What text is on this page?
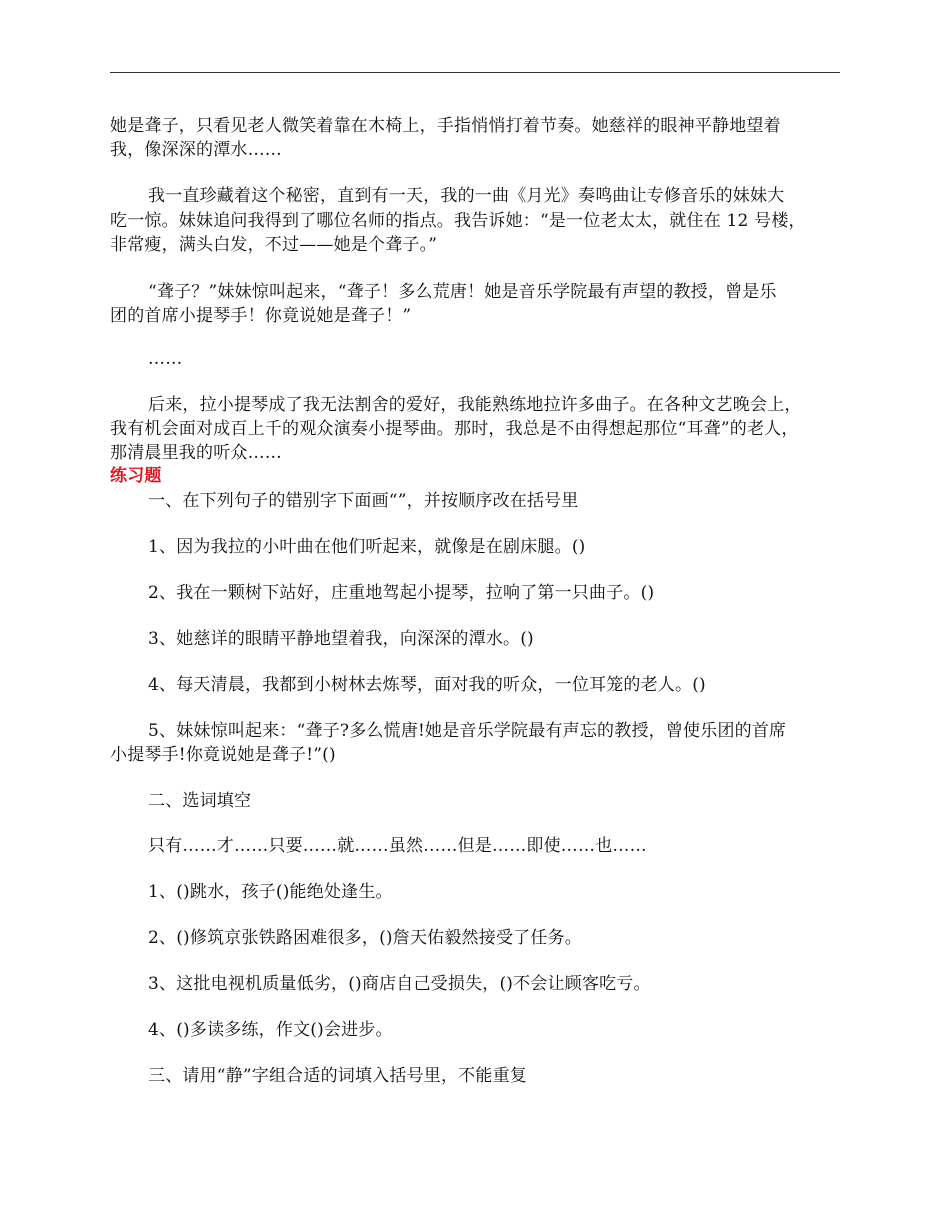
她是聋子，只看见老人微笑着靠在木椅上，手指悄悄打着节奏。她慈祥的眼神平静地望着
我，像深深的潭水……
我一直珍藏着这个秘密，直到有一天，我的一曲《月光》奏鸣曲让专修音乐的妹妹大
吃一惊。妹妹追问我得到了哪位名师的指点。我告诉她：“是一位老太太，就住在 12 号楼，
非常瘦，满头白发，不过——她是个聋子。”
“聋子？”妹妹惊叫起来，“聋子！多么荒唐！她是音乐学院最有声望的教授，曾是乐
团的首席小提琴手！你竟说她是聋子！”
……
后来，拉小提琴成了我无法割舍的爱好，我能熟练地拉许多曲子。在各种文艺晚会上，
我有机会面对成百上千的观众演奏小提琴曲。那时，我总是不由得想起那位“耳聋”的老人，
那清晨里我的听众……
练习题
一、在下列句子的错别字下面画“”，并按顺序改在括号里
1、因为我拉的小叶曲在他们听起来，就像是在剧床腿。()
2、我在一颗树下站好，庄重地驾起小提琴，拉响了第一只曲子。()
3、她慈详的眼睛平静地望着我，向深深的潭水。()
4、每天清晨，我都到小树林去炼琴，面对我的听众，一位耳笼的老人。()
5、妹妹惊叫起来：“聋子?多么慌唐!她是音乐学院最有声忘的教授，曾使乐团的首席
小提琴手!你竟说她是聋子!”()
二、选词填空
只有……才……只要……就……虽然……但是……即使……也……
1、()跳水，孩子()能绝处逢生。
2、()修筑京张铁路困难很多，()詹天佑毅然接受了任务。
3、这批电视机质量低劣，()商店自己受损失，()不会让顾客吃亏。
4、()多读多练，作文()会进步。
三、请用“静”字组合适的词填入括号里，不能重复
